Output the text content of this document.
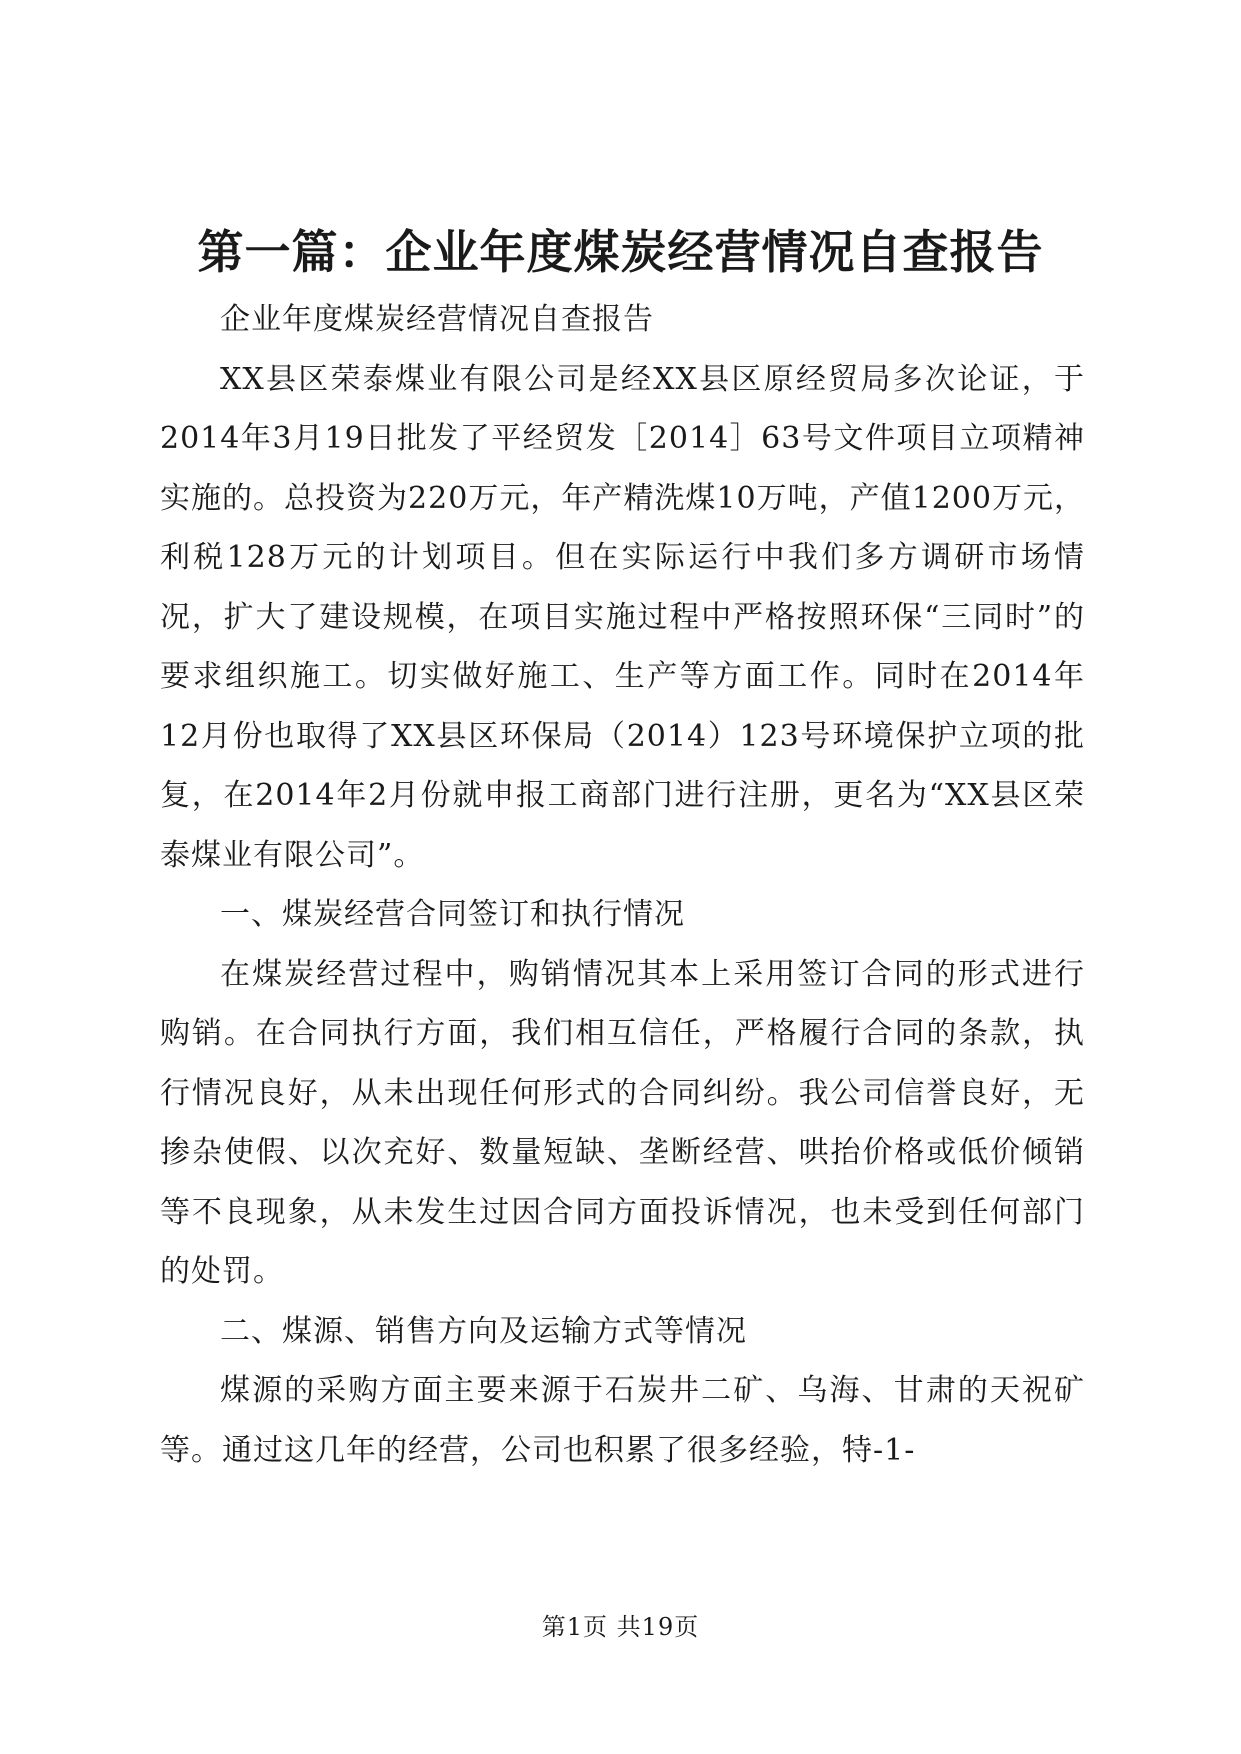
第一篇：企业年度煤炭经营情况自查报告

企业年度煤炭经营情况自查报告

XX县区荣泰煤业有限公司是经XX县区原经贸局多次论证，于2014年3月19日批发了平经贸发［2014］63号文件项目立项精神实施的。总投资为220万元，年产精洗煤10万吨，产值1200万元，利税128万元的计划项目。但在实际运行中我们多方调研市场情况，扩大了建设规模，在项目实施过程中严格按照环保“三同时”的要求组织施工。切实做好施工、生产等方面工作。同时在2014年12月份也取得了XX县区环保局（2014）123号环境保护立项的批复，在2014年2月份就申报工商部门进行注册，更名为“XX县区荣泰煤业有限公司”。

一、煤炭经营合同签订和执行情况

在煤炭经营过程中，购销情况其本上采用签订合同的形式进行购销。在合同执行方面，我们相互信任，严格履行合同的条款，执行情况良好，从未出现任何形式的合同纠纷。我公司信誉良好，无掺杂使假、以次充好、数量短缺、垄断经营、哄抬价格或低价倾销等不良现象，从未发生过因合同方面投诉情况，也未受到任何部门的处罚。

二、煤源、销售方向及运输方式等情况

煤源的采购方面主要来源于石炭井二矿、乌海、甘肃的天祝矿等。通过这几年的经营，公司也积累了很多经验，特-1-

第1页 共19页
